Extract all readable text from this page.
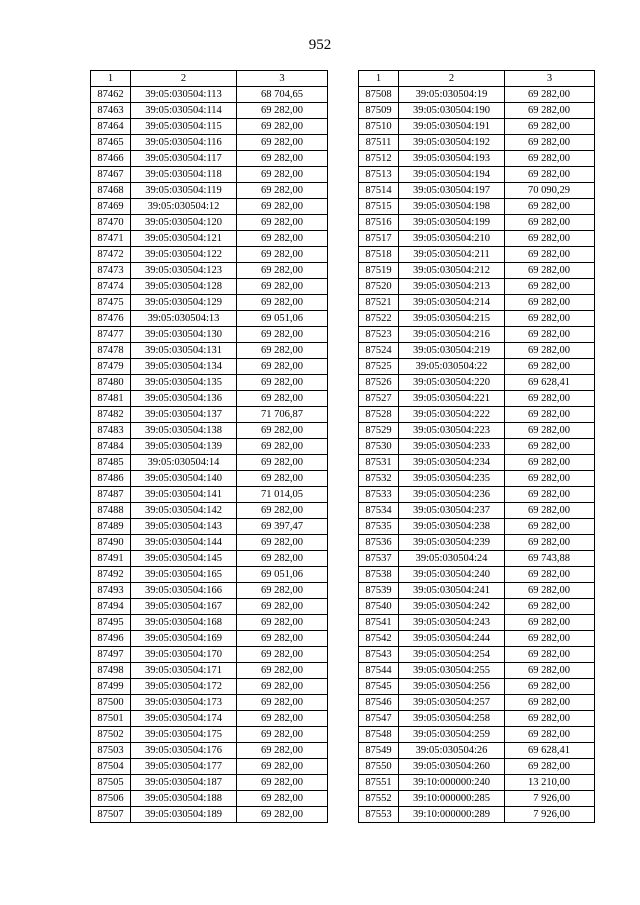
952
1	2	3
87462	39:05:030504:113	68 704,65
87463	39:05:030504:114	69 282,00
87464	39:05:030504:115	69 282,00
87465	39:05:030504:116	69 282,00
87466	39:05:030504:117	69 282,00
87467	39:05:030504:118	69 282,00
87468	39:05:030504:119	69 282,00
87469	39:05:030504:12	69 282,00
87470	39:05:030504:120	69 282,00
87471	39:05:030504:121	69 282,00
87472	39:05:030504:122	69 282,00
87473	39:05:030504:123	69 282,00
87474	39:05:030504:128	69 282,00
87475	39:05:030504:129	69 282,00
87476	39:05:030504:13	69 051,06
87477	39:05:030504:130	69 282,00
87478	39:05:030504:131	69 282,00
87479	39:05:030504:134	69 282,00
87480	39:05:030504:135	69 282,00
87481	39:05:030504:136	69 282,00
87482	39:05:030504:137	71 706,87
87483	39:05:030504:138	69 282,00
87484	39:05:030504:139	69 282,00
87485	39:05:030504:14	69 282,00
87486	39:05:030504:140	69 282,00
87487	39:05:030504:141	71 014,05
87488	39:05:030504:142	69 282,00
87489	39:05:030504:143	69 397,47
87490	39:05:030504:144	69 282,00
87491	39:05:030504:145	69 282,00
87492	39:05:030504:165	69 051,06
87493	39:05:030504:166	69 282,00
87494	39:05:030504:167	69 282,00
87495	39:05:030504:168	69 282,00
87496	39:05:030504:169	69 282,00
87497	39:05:030504:170	69 282,00
87498	39:05:030504:171	69 282,00
87499	39:05:030504:172	69 282,00
87500	39:05:030504:173	69 282,00
87501	39:05:030504:174	69 282,00
87502	39:05:030504:175	69 282,00
87503	39:05:030504:176	69 282,00
87504	39:05:030504:177	69 282,00
87505	39:05:030504:187	69 282,00
87506	39:05:030504:188	69 282,00
87507	39:05:030504:189	69 282,00
1	2	3
87508	39:05:030504:19	69 282,00
87509	39:05:030504:190	69 282,00
87510	39:05:030504:191	69 282,00
87511	39:05:030504:192	69 282,00
87512	39:05:030504:193	69 282,00
87513	39:05:030504:194	69 282,00
87514	39:05:030504:197	70 090,29
87515	39:05:030504:198	69 282,00
87516	39:05:030504:199	69 282,00
87517	39:05:030504:210	69 282,00
87518	39:05:030504:211	69 282,00
87519	39:05:030504:212	69 282,00
87520	39:05:030504:213	69 282,00
87521	39:05:030504:214	69 282,00
87522	39:05:030504:215	69 282,00
87523	39:05:030504:216	69 282,00
87524	39:05:030504:219	69 282,00
87525	39:05:030504:22	69 282,00
87526	39:05:030504:220	69 628,41
87527	39:05:030504:221	69 282,00
87528	39:05:030504:222	69 282,00
87529	39:05:030504:223	69 282,00
87530	39:05:030504:233	69 282,00
87531	39:05:030504:234	69 282,00
87532	39:05:030504:235	69 282,00
87533	39:05:030504:236	69 282,00
87534	39:05:030504:237	69 282,00
87535	39:05:030504:238	69 282,00
87536	39:05:030504:239	69 282,00
87537	39:05:030504:24	69 743,88
87538	39:05:030504:240	69 282,00
87539	39:05:030504:241	69 282,00
87540	39:05:030504:242	69 282,00
87541	39:05:030504:243	69 282,00
87542	39:05:030504:244	69 282,00
87543	39:05:030504:254	69 282,00
87544	39:05:030504:255	69 282,00
87545	39:05:030504:256	69 282,00
87546	39:05:030504:257	69 282,00
87547	39:05:030504:258	69 282,00
87548	39:05:030504:259	69 282,00
87549	39:05:030504:26	69 628,41
87550	39:05:030504:260	69 282,00
87551	39:10:000000:240	13 210,00
87552	39:10:000000:285	7 926,00
87553	39:10:000000:289	7 926,00
